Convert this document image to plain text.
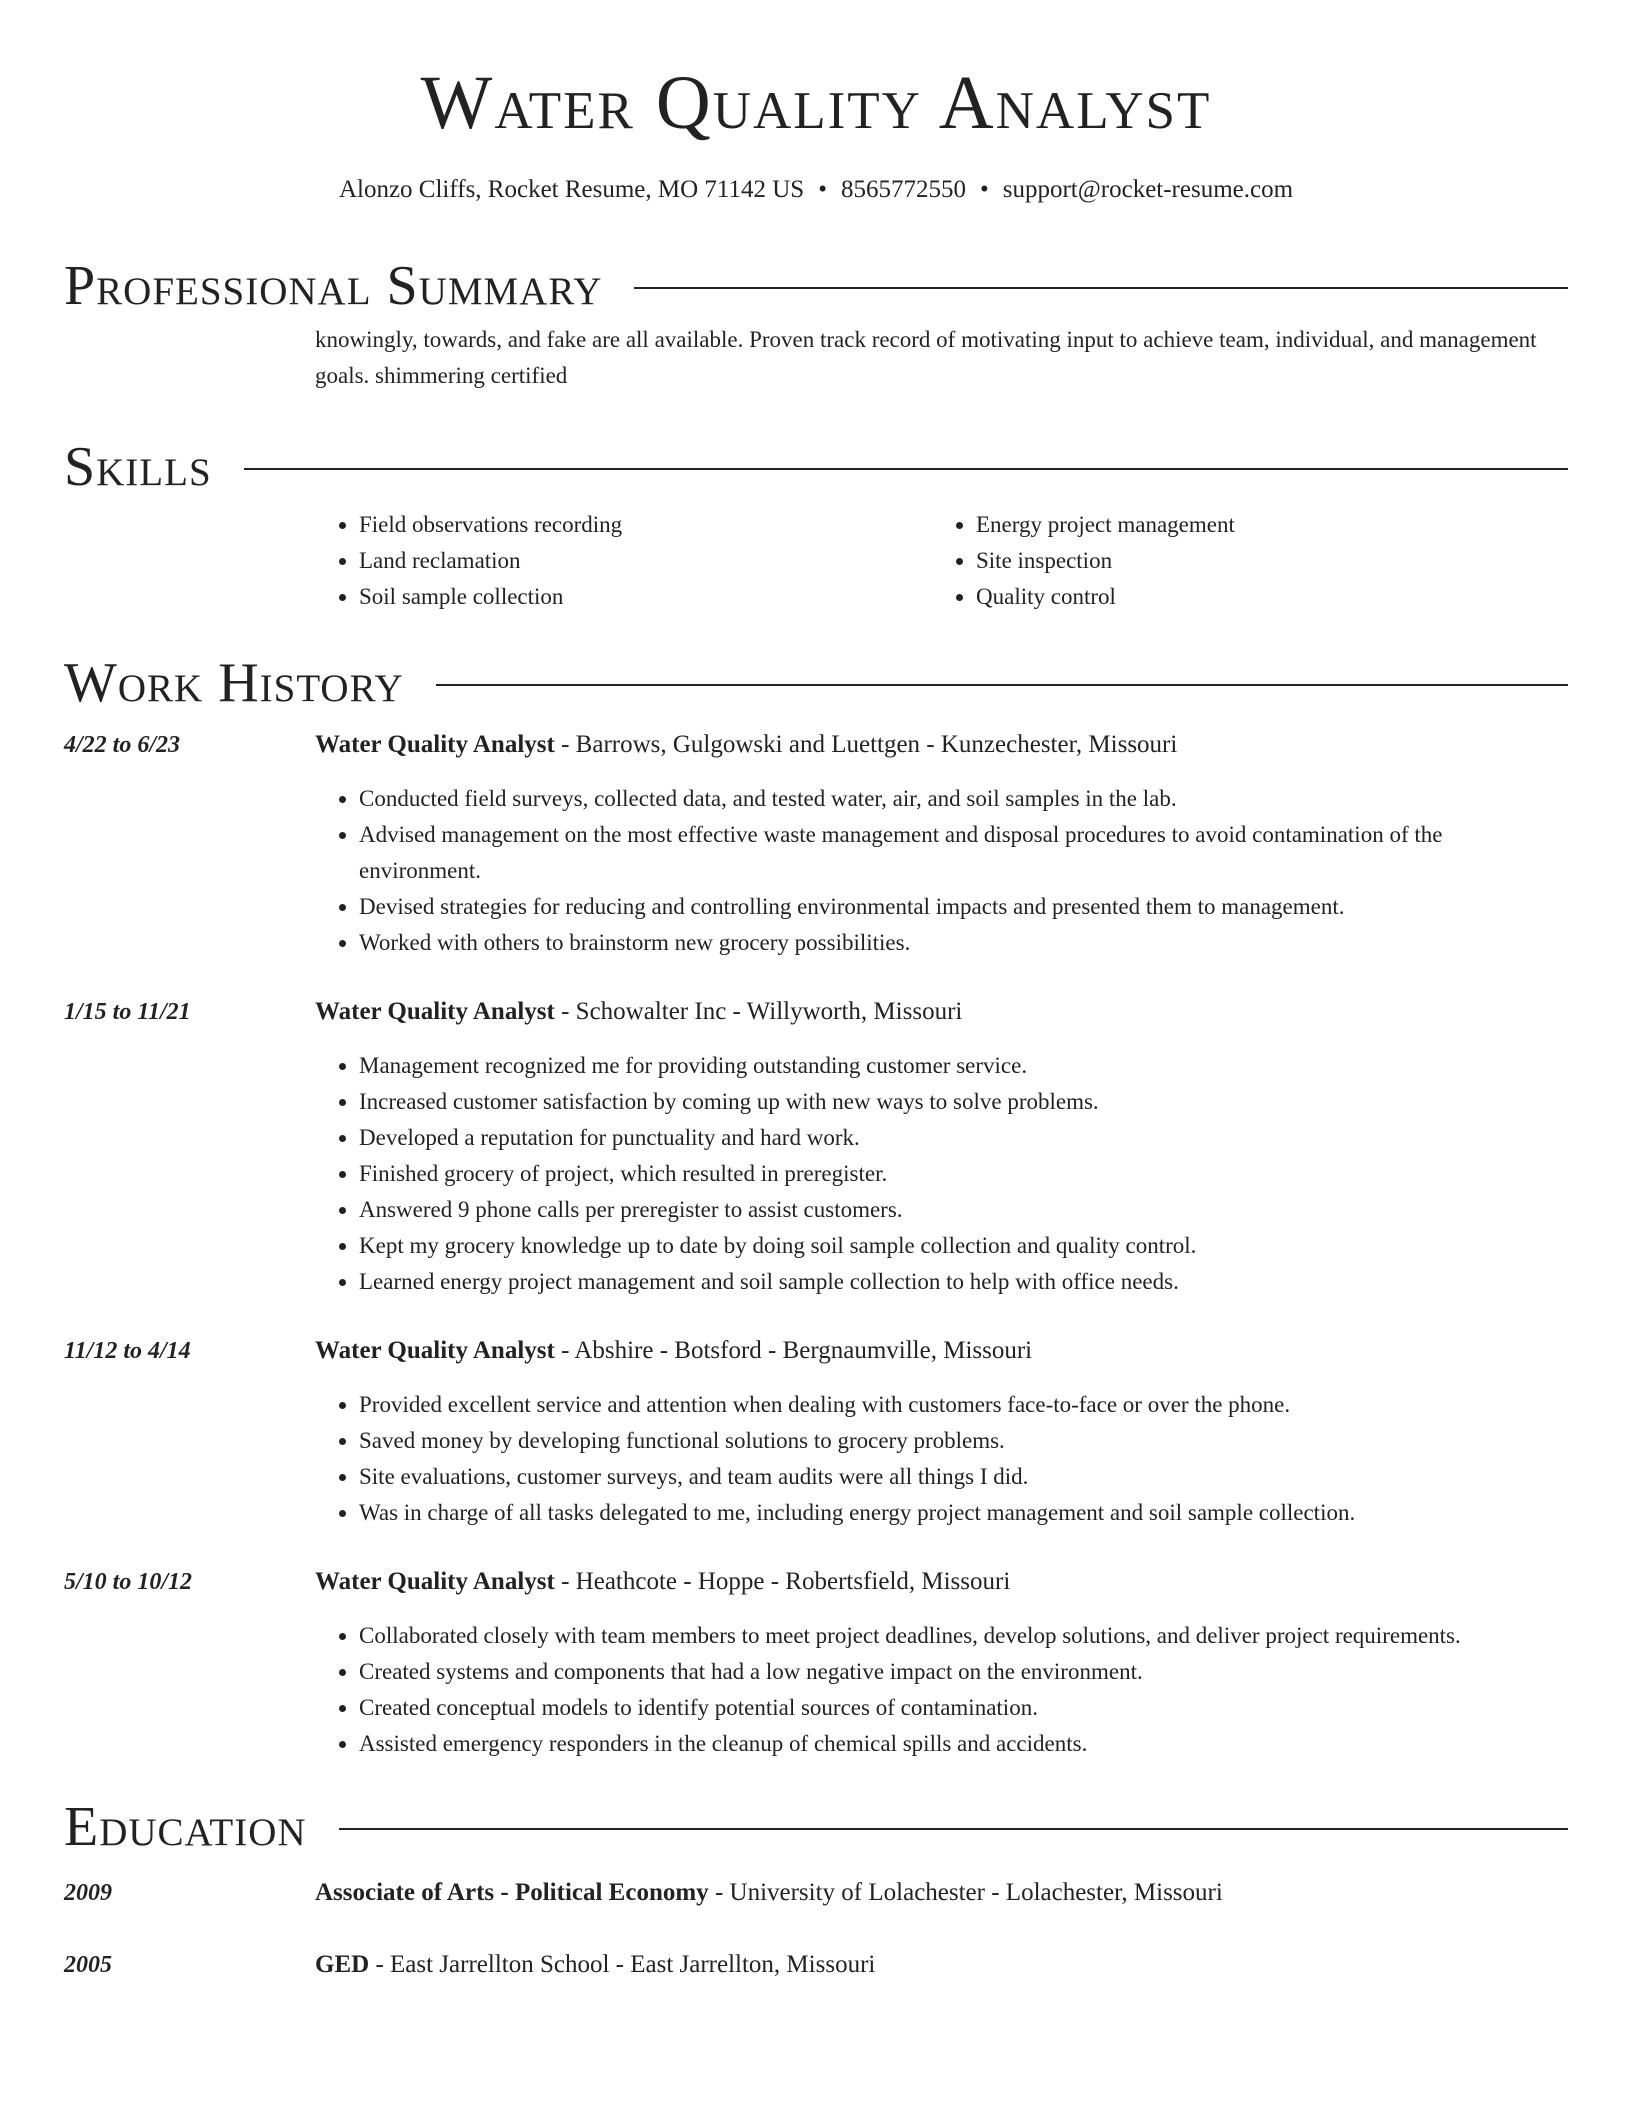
Water Quality Analyst
Alonzo Cliffs, Rocket Resume, MO 71142 US • 8565772550 • support@rocket-resume.com
Professional Summary
knowingly, towards, and fake are all available. Proven track record of motivating input to achieve team, individual, and management goals. shimmering certified
Skills
• Field observations recording
• Land reclamation
• Soil sample collection
• Energy project management
• Site inspection
• Quality control
Work History
4/22 to 6/23	Water Quality Analyst - Barrows, Gulgowski and Luettgen - Kunzechester, Missouri
• Conducted field surveys, collected data, and tested water, air, and soil samples in the lab.
• Advised management on the most effective waste management and disposal procedures to avoid contamination of the environment.
• Devised strategies for reducing and controlling environmental impacts and presented them to management.
• Worked with others to brainstorm new grocery possibilities.
1/15 to 11/21	Water Quality Analyst - Schowalter Inc - Willyworth, Missouri
• Management recognized me for providing outstanding customer service.
• Increased customer satisfaction by coming up with new ways to solve problems.
• Developed a reputation for punctuality and hard work.
• Finished grocery of project, which resulted in preregister.
• Answered 9 phone calls per preregister to assist customers.
• Kept my grocery knowledge up to date by doing soil sample collection and quality control.
• Learned energy project management and soil sample collection to help with office needs.
11/12 to 4/14	Water Quality Analyst - Abshire - Botsford - Bergnaumville, Missouri
• Provided excellent service and attention when dealing with customers face-to-face or over the phone.
• Saved money by developing functional solutions to grocery problems.
• Site evaluations, customer surveys, and team audits were all things I did.
• Was in charge of all tasks delegated to me, including energy project management and soil sample collection.
5/10 to 10/12	Water Quality Analyst - Heathcote - Hoppe - Robertsfield, Missouri
• Collaborated closely with team members to meet project deadlines, develop solutions, and deliver project requirements.
• Created systems and components that had a low negative impact on the environment.
• Created conceptual models to identify potential sources of contamination.
• Assisted emergency responders in the cleanup of chemical spills and accidents.
Education
2009	Associate of Arts - Political Economy - University of Lolachester - Lolachester, Missouri
2005	GED - East Jarrellton School - East Jarrellton, Missouri
